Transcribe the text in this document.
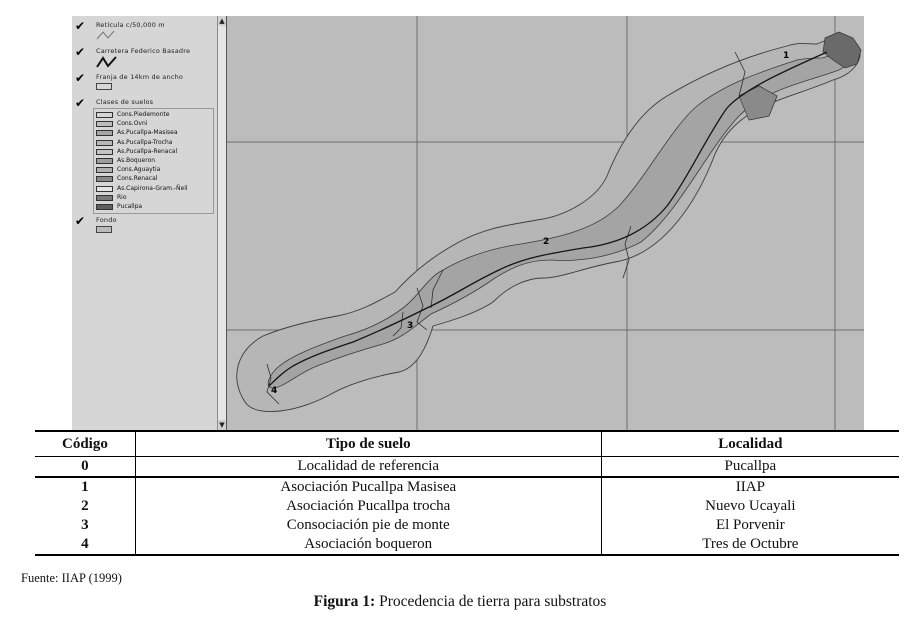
✔ Retícula c/50,000 m
✔ Carretera Federico Basadre
✔ Franja de 14km de ancho
✔ Clases de suelos
Cons.Piedemonte
Cons.Ovni
As.Pucallpa-Masisea
As.Pucallpa-Trocha
As.Pucallpa-Renacal
As.Boqueron
Cons.Aguaytia
Cons.Renacal
As.Capirona-Gram.-Ñeil
Rio
Pucallpa
✔ Fondo
▲
▼
1
2
3
4
Código	Tipo de suelo	Localidad
0	Localidad de referencia	Pucallpa
1	Asociación Pucallpa Masisea	IIAP
2	Asociación Pucallpa trocha	Nuevo Ucayali
3	Consociación pie de monte	El Porvenir
4	Asociación boqueron	Tres de Octubre
Fuente: IIAP (1999)
Figura 1: Procedencia de tierra para substratos
